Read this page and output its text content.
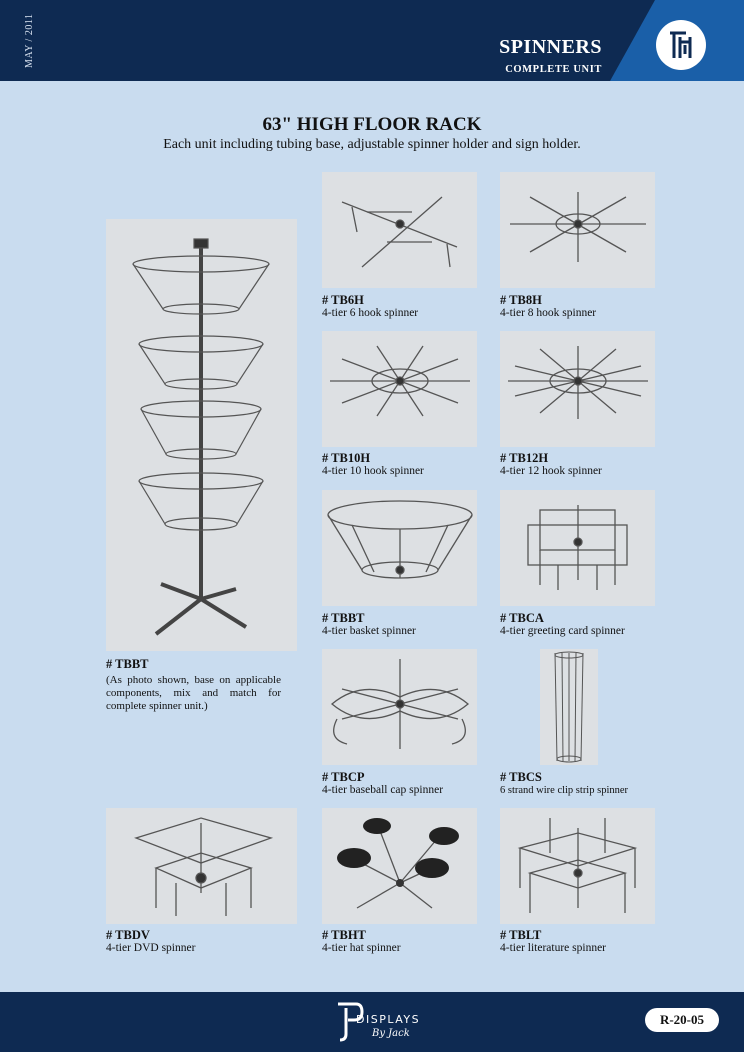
MAY / 2011	SPINNERS
COMPLETE UNIT
63" HIGH FLOOR RACK
Each unit including tubing base, adjustable spinner holder and sign holder.
# TBBT
(As photo shown, base on applicable components, mix and match for complete spinner unit.)
# TB6H
4-tier 6 hook spinner
# TB8H
4-tier 8 hook spinner
# TB10H
4-tier 10 hook spinner
# TB12H
4-tier 12 hook spinner
# TBBT
4-tier basket spinner
# TBCA
4-tier greeting card spinner
# TBCP
4-tier baseball cap spinner
# TBCS
6 strand wire clip strip spinner
# TBDV
4-tier DVD spinner
# TBHT
4-tier hat spinner
# TBLT
4-tier literature spinner
DISPLAYS
By Jack
R-20-05
